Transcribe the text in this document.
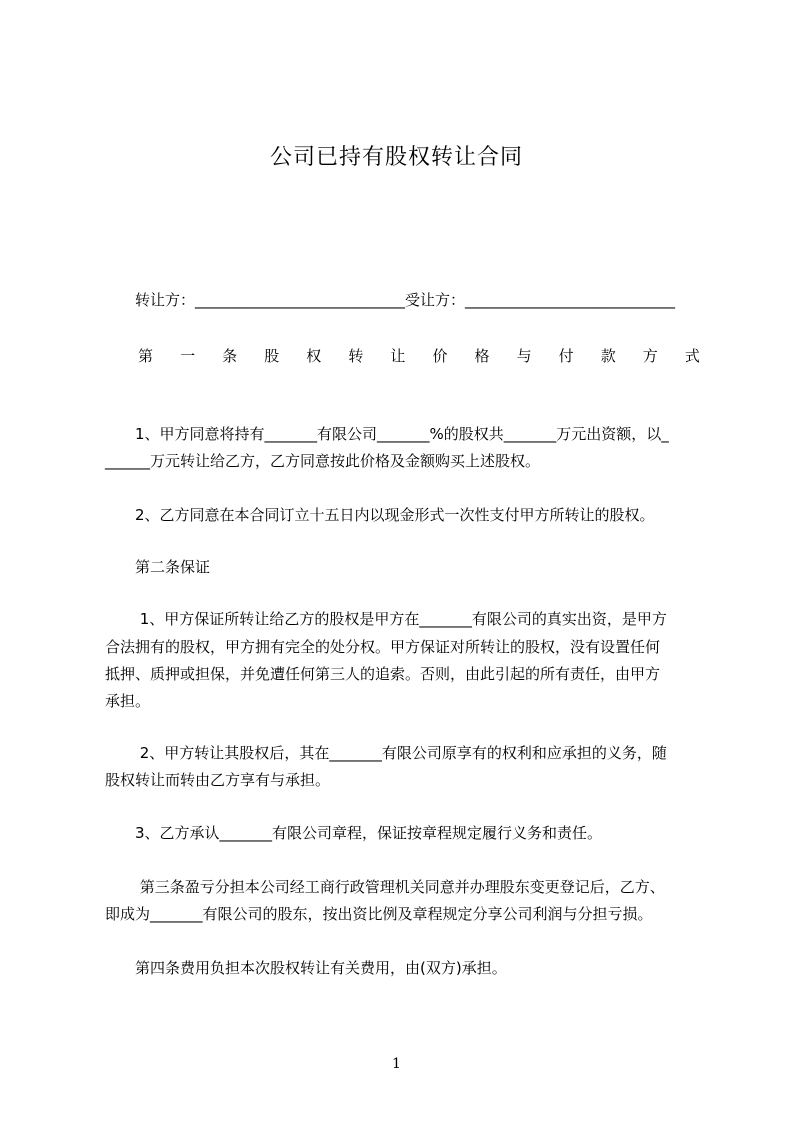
公司已持有股权转让合同
　　转让方：____________________________受让方：____________________________
第 一 条 股 权 转 让 价 格 与 付 款 方 式
　　1、甲方同意将持有_______有限公司_______%的股权共_______万元出资额，以_
______万元转让给乙方，乙方同意按此价格及金额购买上述股权。
　　2、乙方同意在本合同订立十五日内以现金形式一次性支付甲方所转让的股权。
　　第二条保证
　　 1、甲方保证所转让给乙方的股权是甲方在_______有限公司的真实出资，是甲方
合法拥有的股权，甲方拥有完全的处分权。甲方保证对所转让的股权，没有设置任何
抵押、质押或担保，并免遭任何第三人的追索。否则，由此引起的所有责任，由甲方
承担。
　　 2、甲方转让其股权后，其在_______有限公司原享有的权利和应承担的义务，随
股权转让而转由乙方享有与承担。
　　3、乙方承认_______有限公司章程，保证按章程规定履行义务和责任。
　　 第三条盈亏分担本公司经工商行政管理机关同意并办理股东变更登记后，乙方、
即成为_______有限公司的股东，按出资比例及章程规定分享公司利润与分担亏损。
　　第四条费用负担本次股权转让有关费用，由(双方)承担。
1
